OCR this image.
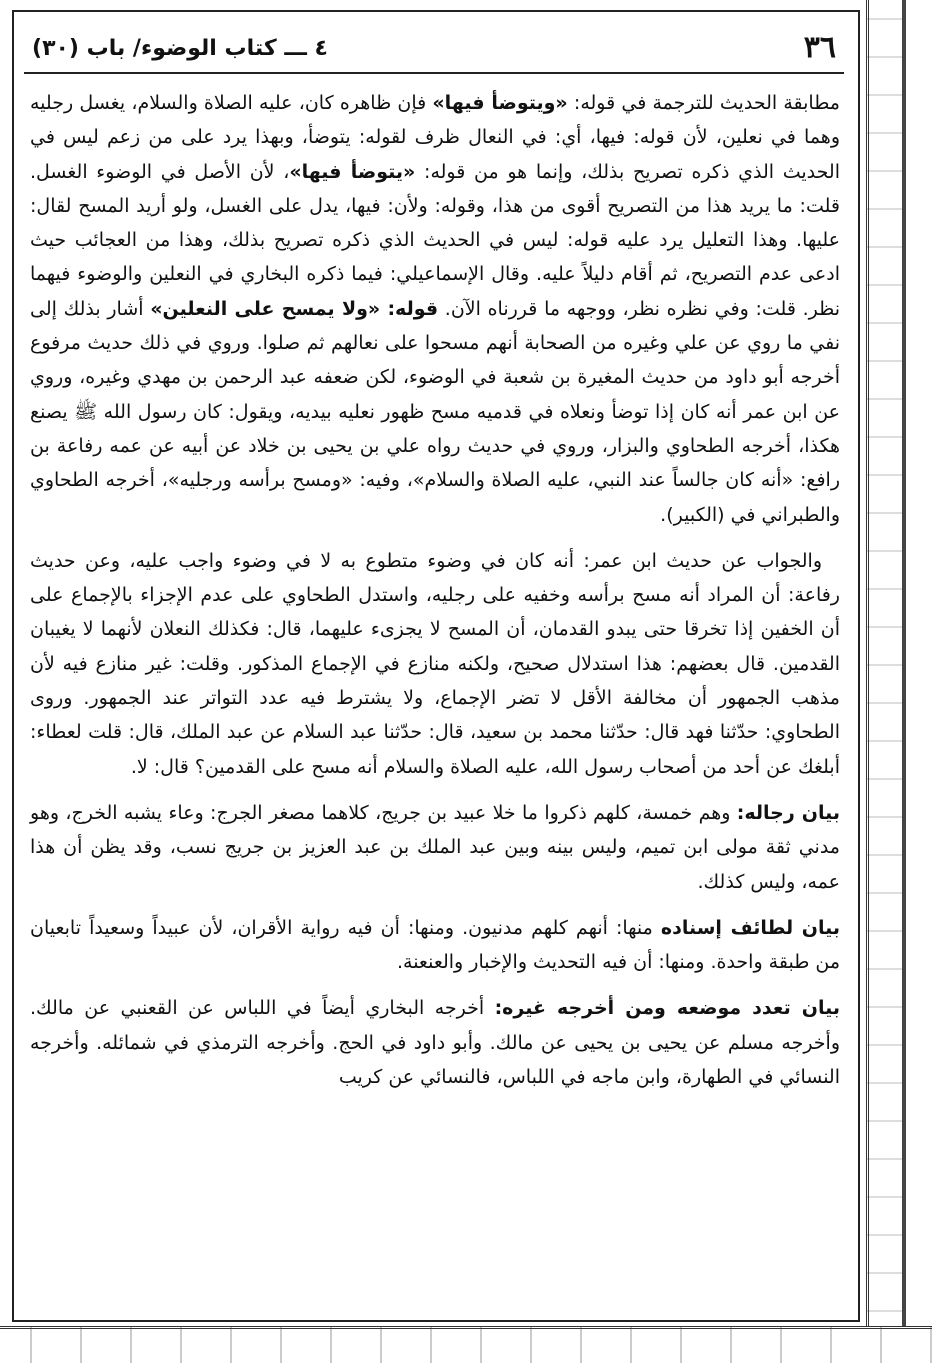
٣٦
٤ ـــ كتاب الوضوء/ باب (٣٠)

مطابقة الحديث للترجمة في قوله: «ويتوضأ فيها» فإن ظاهره كان، عليه الصلاة والسلام، يغسل رجليه وهما في نعلين، لأن قوله: فيها، أي: في النعال ظرف لقوله: يتوضأ، وبهذا يرد على من زعم ليس في الحديث الذي ذكره تصريح بذلك، وإنما هو من قوله: «يتوضأ فيها»، لأن الأصل في الوضوء الغسل. قلت: ما يريد هذا من التصريح أقوى من هذا، وقوله: ولأن: فيها، يدل على الغسل، ولو أريد المسح لقال: عليها. وهذا التعليل يرد عليه قوله: ليس في الحديث الذي ذكره تصريح بذلك، وهذا من العجائب حيث ادعى عدم التصريح، ثم أقام دليلاً عليه. وقال الإسماعيلي: فيما ذكره البخاري في النعلين والوضوء فيهما نظر. قلت: وفي نظره نظر، ووجهه ما قررناه الآن. قوله: «ولا يمسح على النعلين» أشار بذلك إلى نفي ما روي عن علي وغيره من الصحابة أنهم مسحوا على نعالهم ثم صلوا. وروي في ذلك حديث مرفوع أخرجه أبو داود من حديث المغيرة بن شعبة في الوضوء، لكن ضعفه عبد الرحمن بن مهدي وغيره، وروي عن ابن عمر أنه كان إذا توضأ ونعلاه في قدميه مسح ظهور نعليه بيديه، ويقول: كان رسول الله ﷺ يصنع هكذا، أخرجه الطحاوي والبزار، وروي في حديث رواه علي بن يحيى بن خلاد عن أبيه عن عمه رفاعة بن رافع: «أنه كان جالساً عند النبي، عليه الصلاة والسلام»، وفيه: «ومسح برأسه ورجليه»، أخرجه الطحاوي والطبراني في (الكبير).

والجواب عن حديث ابن عمر: أنه كان في وضوء متطوع به لا في وضوء واجب عليه، وعن حديث رفاعة: أن المراد أنه مسح برأسه وخفيه على رجليه، واستدل الطحاوي على عدم الإجزاء بالإجماع على أن الخفين إذا تخرقا حتى يبدو القدمان، أن المسح لا يجزىء عليهما، قال: فكذلك النعلان لأنهما لا يغيبان القدمين. قال بعضهم: هذا استدلال صحيح، ولكنه منازع في الإجماع المذكور. وقلت: غير منازع فيه لأن مذهب الجمهور أن مخالفة الأقل لا تضر الإجماع، ولا يشترط فيه عدد التواتر عند الجمهور. وروى الطحاوي: حدّثنا فهد قال: حدّثنا محمد بن سعيد، قال: حدّثنا عبد السلام عن عبد الملك، قال: قلت لعطاء: أبلغك عن أحد من أصحاب رسول الله، عليه الصلاة والسلام أنه مسح على القدمين؟ قال: لا.

بيان رجاله: وهم خمسة، كلهم ذكروا ما خلا عبيد بن جريج، كلاهما مصغر الجرج: وعاء يشبه الخرج، وهو مدني ثقة مولى ابن تميم، وليس بينه وبين عبد الملك بن عبد العزيز بن جريج نسب، وقد يظن أن هذا عمه، وليس كذلك.

بيان لطائف إسناده منها: أنهم كلهم مدنيون. ومنها: أن فيه رواية الأقران، لأن عبيداً وسعيداً تابعيان من طبقة واحدة. ومنها: أن فيه التحديث والإخبار والعنعنة.

بيان تعدد موضعه ومن أخرجه غيره: أخرجه البخاري أيضاً في اللباس عن القعنبي عن مالك. وأخرجه مسلم عن يحيى بن يحيى عن مالك. وأبو داود في الحج. وأخرجه الترمذي في شمائله. وأخرجه النسائي في الطهارة، وابن ماجه في اللباس، فالنسائي عن كريب
